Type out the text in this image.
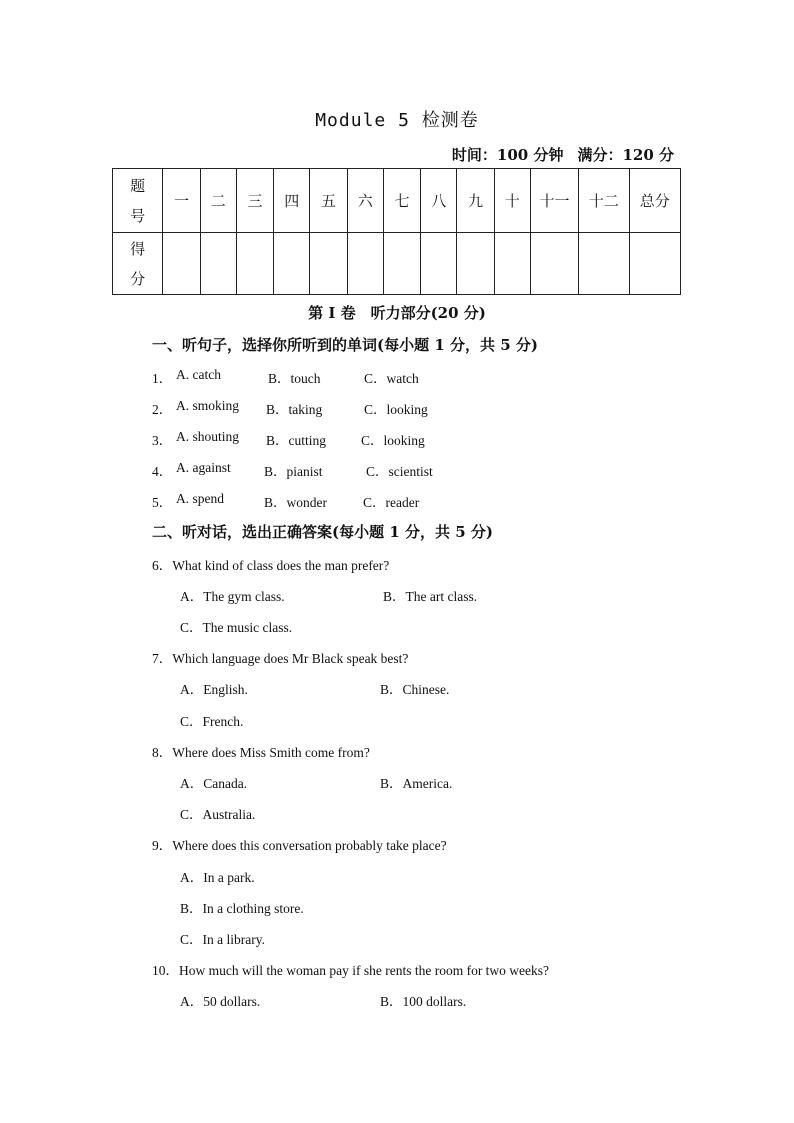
Module 5 检测卷
时间：100 分钟 满分：120 分
题
号	一	二	三	四	五	六	七	八	九	十	十一	十二	总分

得
分													

第 I 卷　听力部分(20 分)
一、听句子，选择你所听到的单词(每小题 1 分，共 5 分)
1． A. catch	B．touch	C．watch
2． A. smoking B．taking	C．looking
3． A. shouting B．cutting	C．looking
4． A. against B．pianist	C．scientist
5． A. spend	B．wonder	C．reader
二、听对话，选出正确答案(每小题 1 分，共 5 分)
6．What kind of class does the man prefer?
A．The gym class.	B．The art class.
C．The music class.
7．Which language does Mr Black speak best?
A．English.	B．Chinese.
C．French.
8．Where does Miss Smith come from?
A．Canada.	B．America.
C．Australia.
9．Where does this conversation probably take place?
A．In a park.
B．In a clothing store.
C．In a library.
10．How much will the woman pay if she rents the room for two weeks?
A．50 dollars.	B．100 dollars.
